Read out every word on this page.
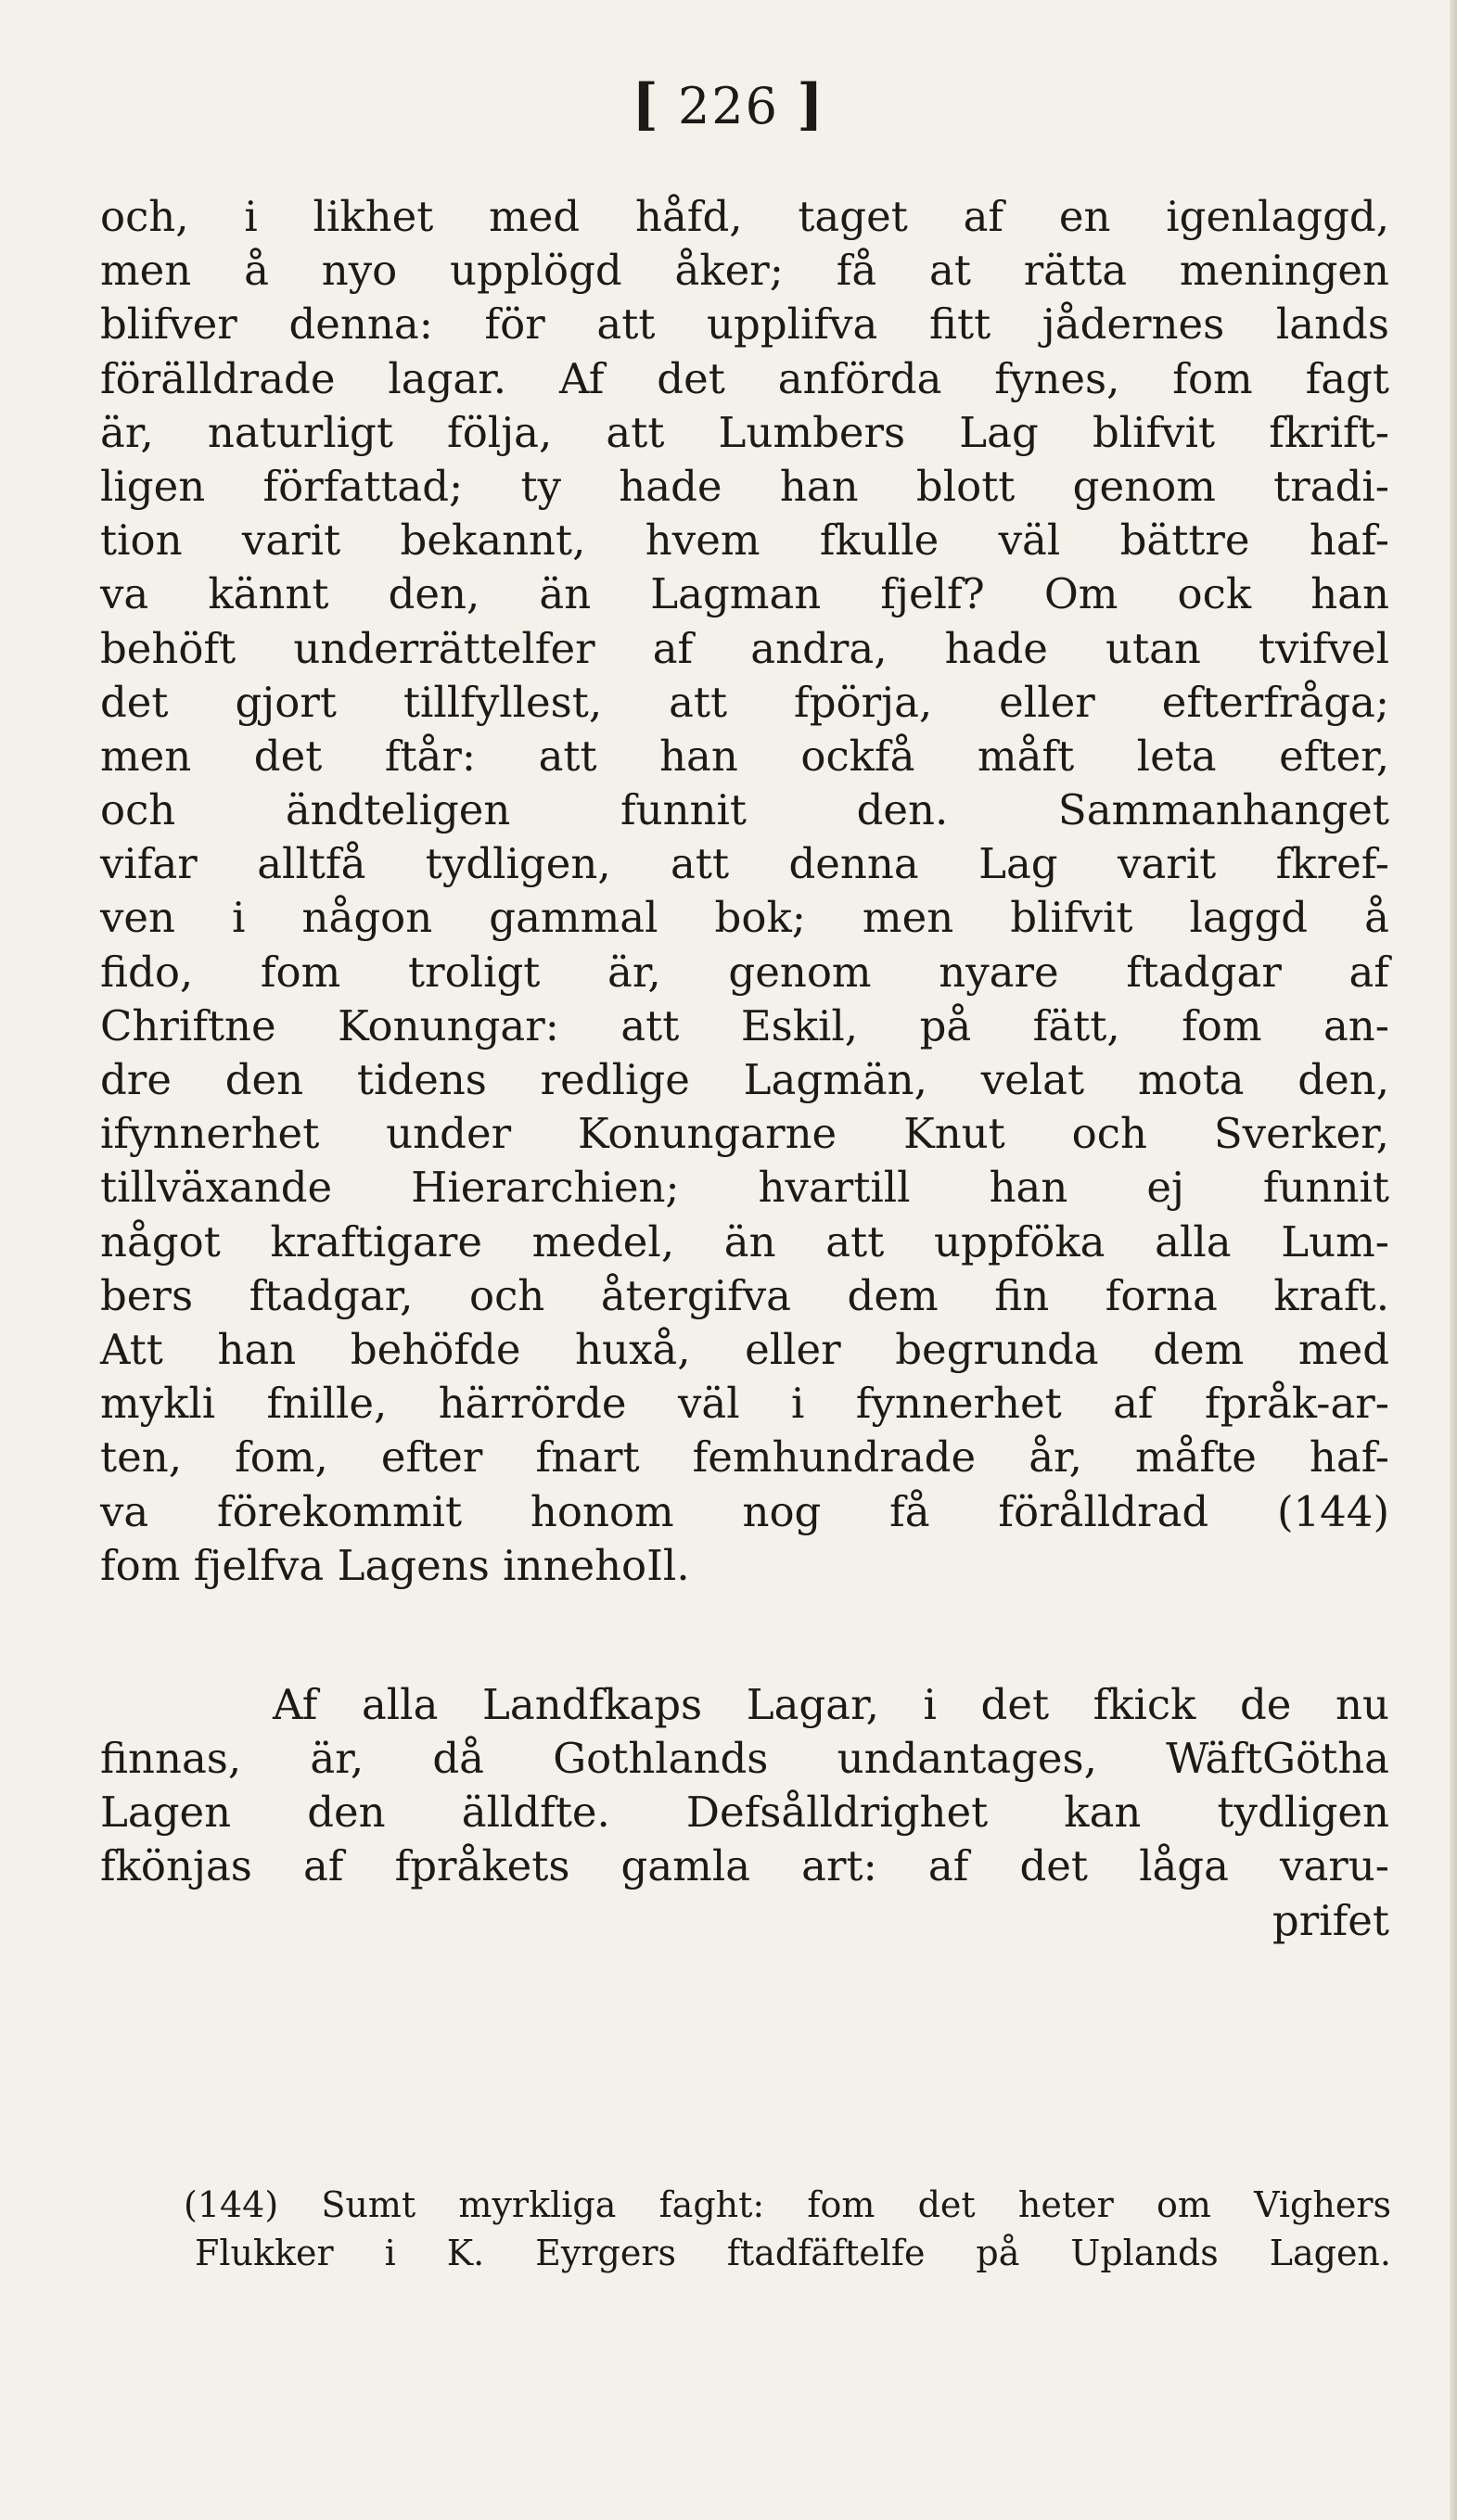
[ 226 ]
och, i likhet med håfd, taget af en igenlaggd,
men å nyo upplögd åker; få at rätta meningen
blifver denna: för att upplifva fitt jådernes lands
förälldrade lagar. Af det anförda fynes, fom fagt
är, naturligt följa, att Lumbers Lag blifvit fkrift-
ligen författad; ty hade han blott genom tradi-
tion varit bekannt, hvem fkulle väl bättre haf-
va kännt den, än Lagman fjelf? Om ock han
behöft underrättelfer af andra, hade utan tvifvel
det gjort tillfyllest, att fpörja, eller efterfråga;
men det ftår: att han ockfå måft leta efter,
och ändteligen funnit den. Sammanhanget
vifar alltfå tydligen, att denna Lag varit fkref-
ven i någon gammal bok; men blifvit laggd å
fido, fom troligt är, genom nyare ftadgar af
Chriftne Konungar: att Eskil, på fätt, fom an-
dre den tidens redlige Lagmän, velat mota den,
ifynnerhet under Konungarne Knut och Sverker,
tillväxande Hierarchien; hvartill han ej funnit
något kraftigare medel, än att uppföka alla Lum-
bers ftadgar, och återgifva dem fin forna kraft.
Att han behöfde huxå, eller begrunda dem med
mykli fnille, härrörde väl i fynnerhet af fpråk-ar-
ten, fom, efter fnart femhundrade år, måfte haf-
va förekommit honom nog få förålldrad (144)
fom fjelfva Lagens innehoIl.
Af alla Landfkaps Lagar, i det fkick de nu
finnas, är, då Gothlands undantages, WäftGötha
Lagen den älldfte. Defsålldrighet kan tydligen
fkönjas af fpråkets gamla art: af det låga varu-
prifet
(144) Sumt myrkliga faght: fom det heter om Vighers
Flukker i K. Eyrgers ftadfäftelfe på Uplands Lagen.
